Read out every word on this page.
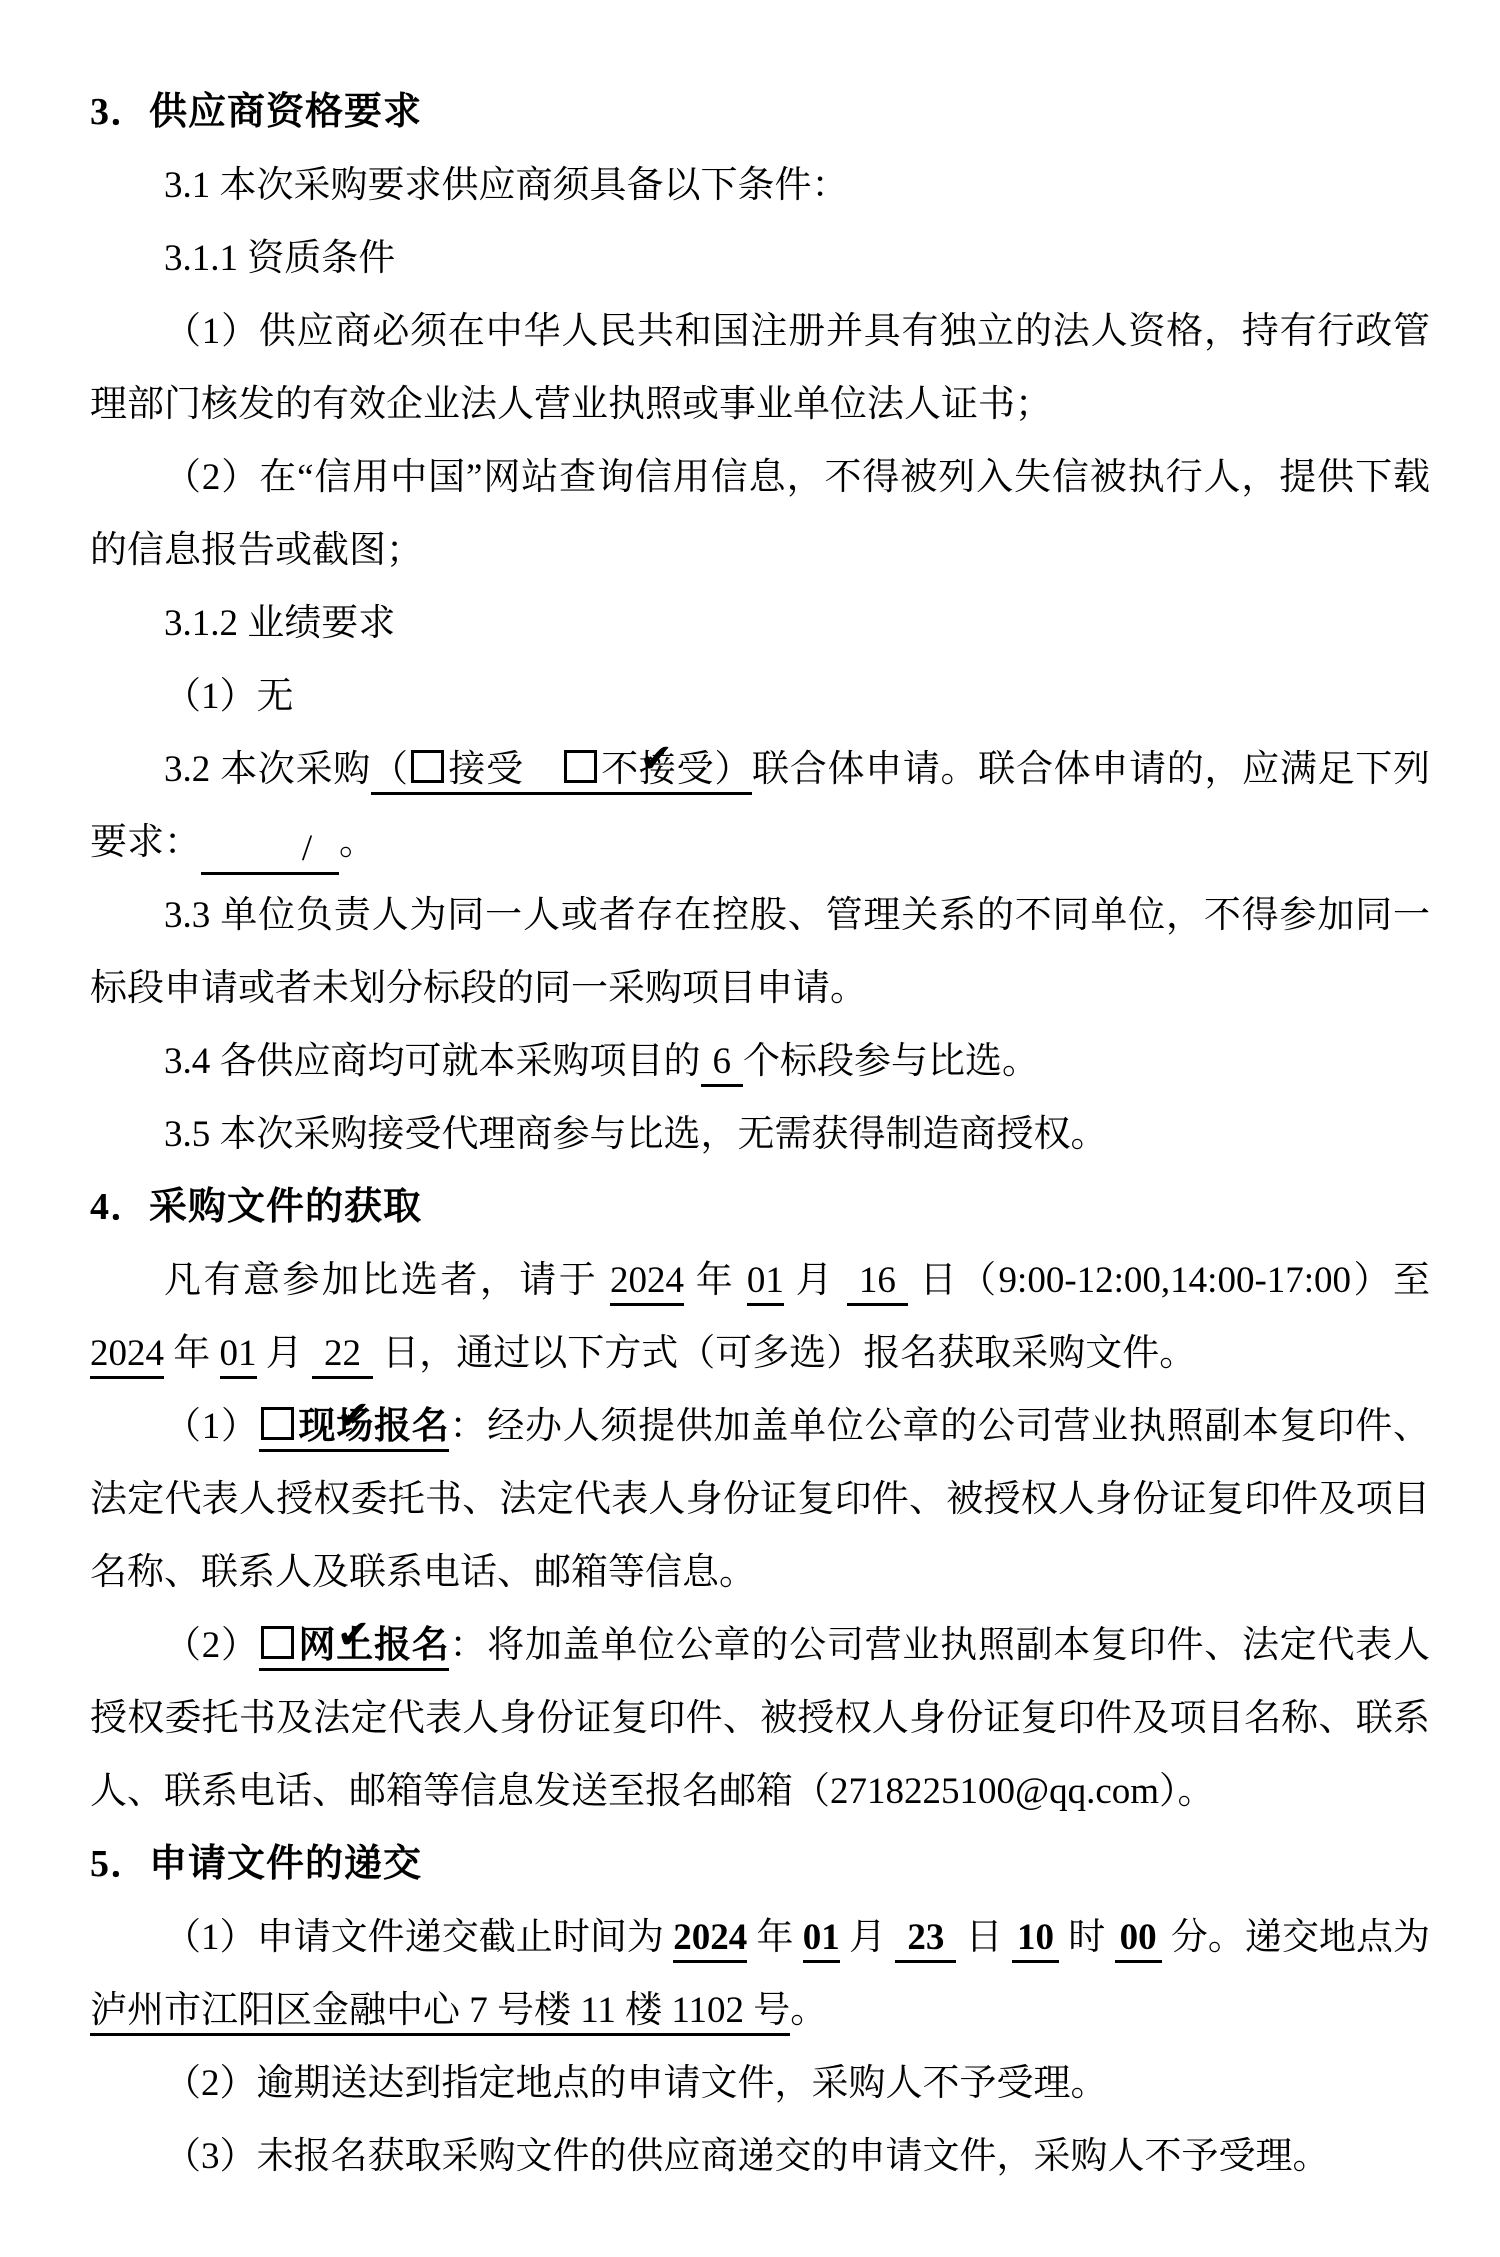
3．供应商资格要求

3.1 本次采购要求供应商须具备以下条件：

3.1.1 资质条件

（1）供应商必须在中华人民共和国注册并具有独立的法人资格，持有行政管理部门核发的有效企业法人营业执照或事业单位法人证书；

（2）在“信用中国”网站查询信用信息，不得被列入失信被执行人，提供下载的信息报告或截图；

3.1.2 业绩要求

（1）无

3.2 本次采购（ 接受　✔不接受）联合体申请。联合体申请的，应满足下列要求：	/ 。

3.3 单位负责人为同一人或者存在控股、管理关系的不同单位，不得参加同一标段申请或者未划分标段的同一采购项目申请。

3.4 各供应商均可就本采购项目的 6 个标段参与比选。

3.5 本次采购接受代理商参与比选，无需获得制造商授权。

4．采购文件的获取

凡有意参加比选者，请于 2024 年 01 月 16 日（9:00-12:00,14:00-17:00）至 2024 年 01 月 22 日，通过以下方式（可多选）报名获取采购文件。

（1） ✔ 现场报名：经办人须提供加盖单位公章的公司营业执照副本复印件、法定代表人授权委托书、法定代表人身份证复印件、被授权人身份证复印件及项目名称、联系人及联系电话、邮箱等信息。

（2） ✔ 网上报名：将加盖单位公章的公司营业执照副本复印件、法定代表人授权委托书及法定代表人身份证复印件、被授权人身份证复印件及项目名称、联系人、联系电话、邮箱等信息发送至报名邮箱（2718225100@qq.com）。

5．申请文件的递交

（1）申请文件递交截止时间为 2024 年 01 月 23 日 10 时 00 分。递交地点为泸州市江阳区金融中心 7 号楼 11 楼 1102 号。

（2）逾期送达到指定地点的申请文件，采购人不予受理。

（3）未报名获取采购文件的供应商递交的申请文件，采购人不予受理。
